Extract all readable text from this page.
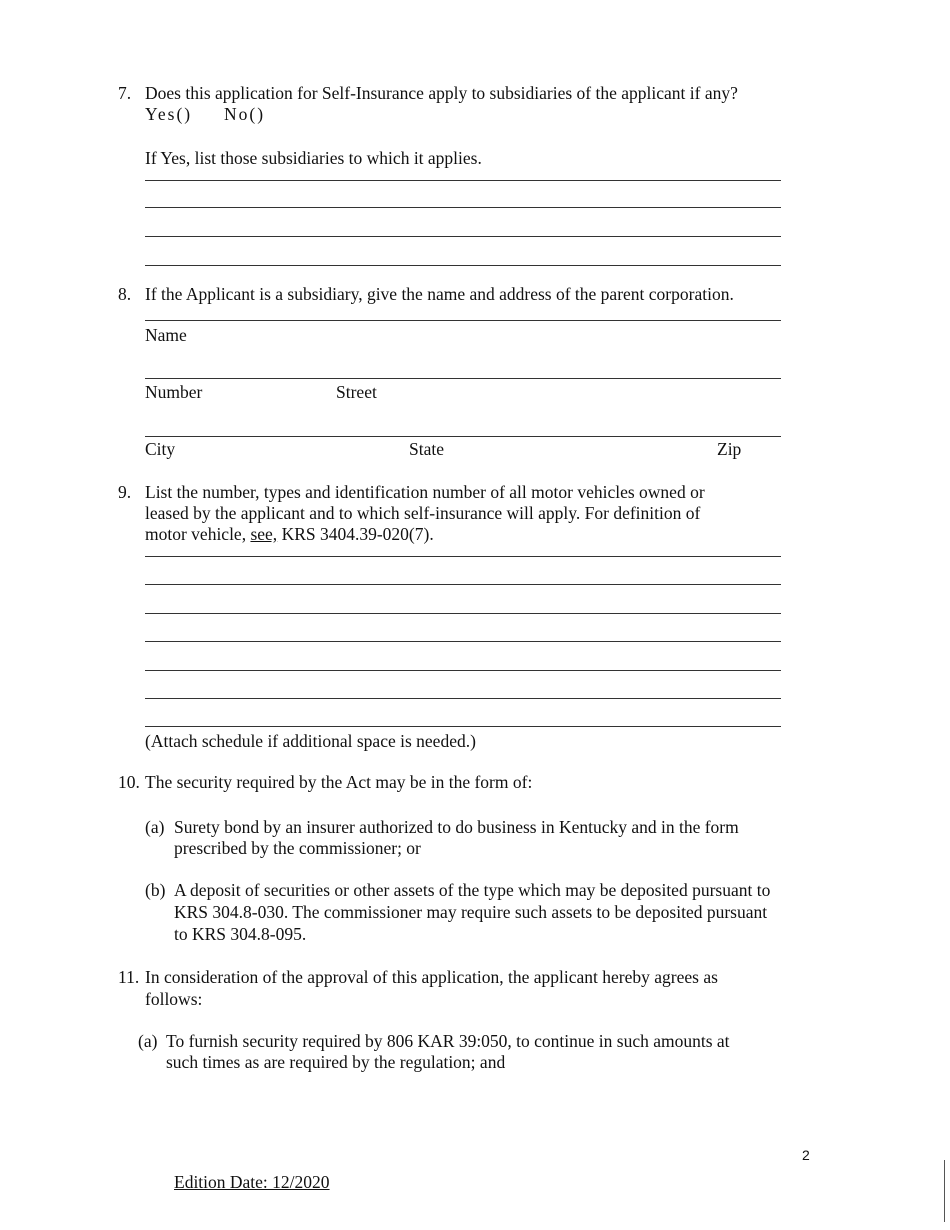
7. Does this application for Self-Insurance apply to subsidiaries of the applicant if any?
Yes() No()
If Yes, list those subsidiaries to which it applies.
8. If the Applicant is a subsidiary, give the name and address of the parent corporation.
Name
Number	Street
City	State	Zip
9. List the number, types and identification number of all motor vehicles owned or
leased by the applicant and to which self-insurance will apply. For definition of
motor vehicle, see, KRS 3404.39-020(7).
(Attach schedule if additional space is needed.)
10. The security required by the Act may be in the form of:
(a) Surety bond by an insurer authorized to do business in Kentucky and in the form
prescribed by the commissioner; or
(b) A deposit of securities or other assets of the type which may be deposited pursuant to
KRS 304.8-030. The commissioner may require such assets to be deposited pursuant
to KRS 304.8-095.
11. In consideration of the approval of this application, the applicant hereby agrees as
follows:
(a) To furnish security required by 806 KAR 39:050, to continue in such amounts at
such times as are required by the regulation; and
2
Edition Date: 12/2020
